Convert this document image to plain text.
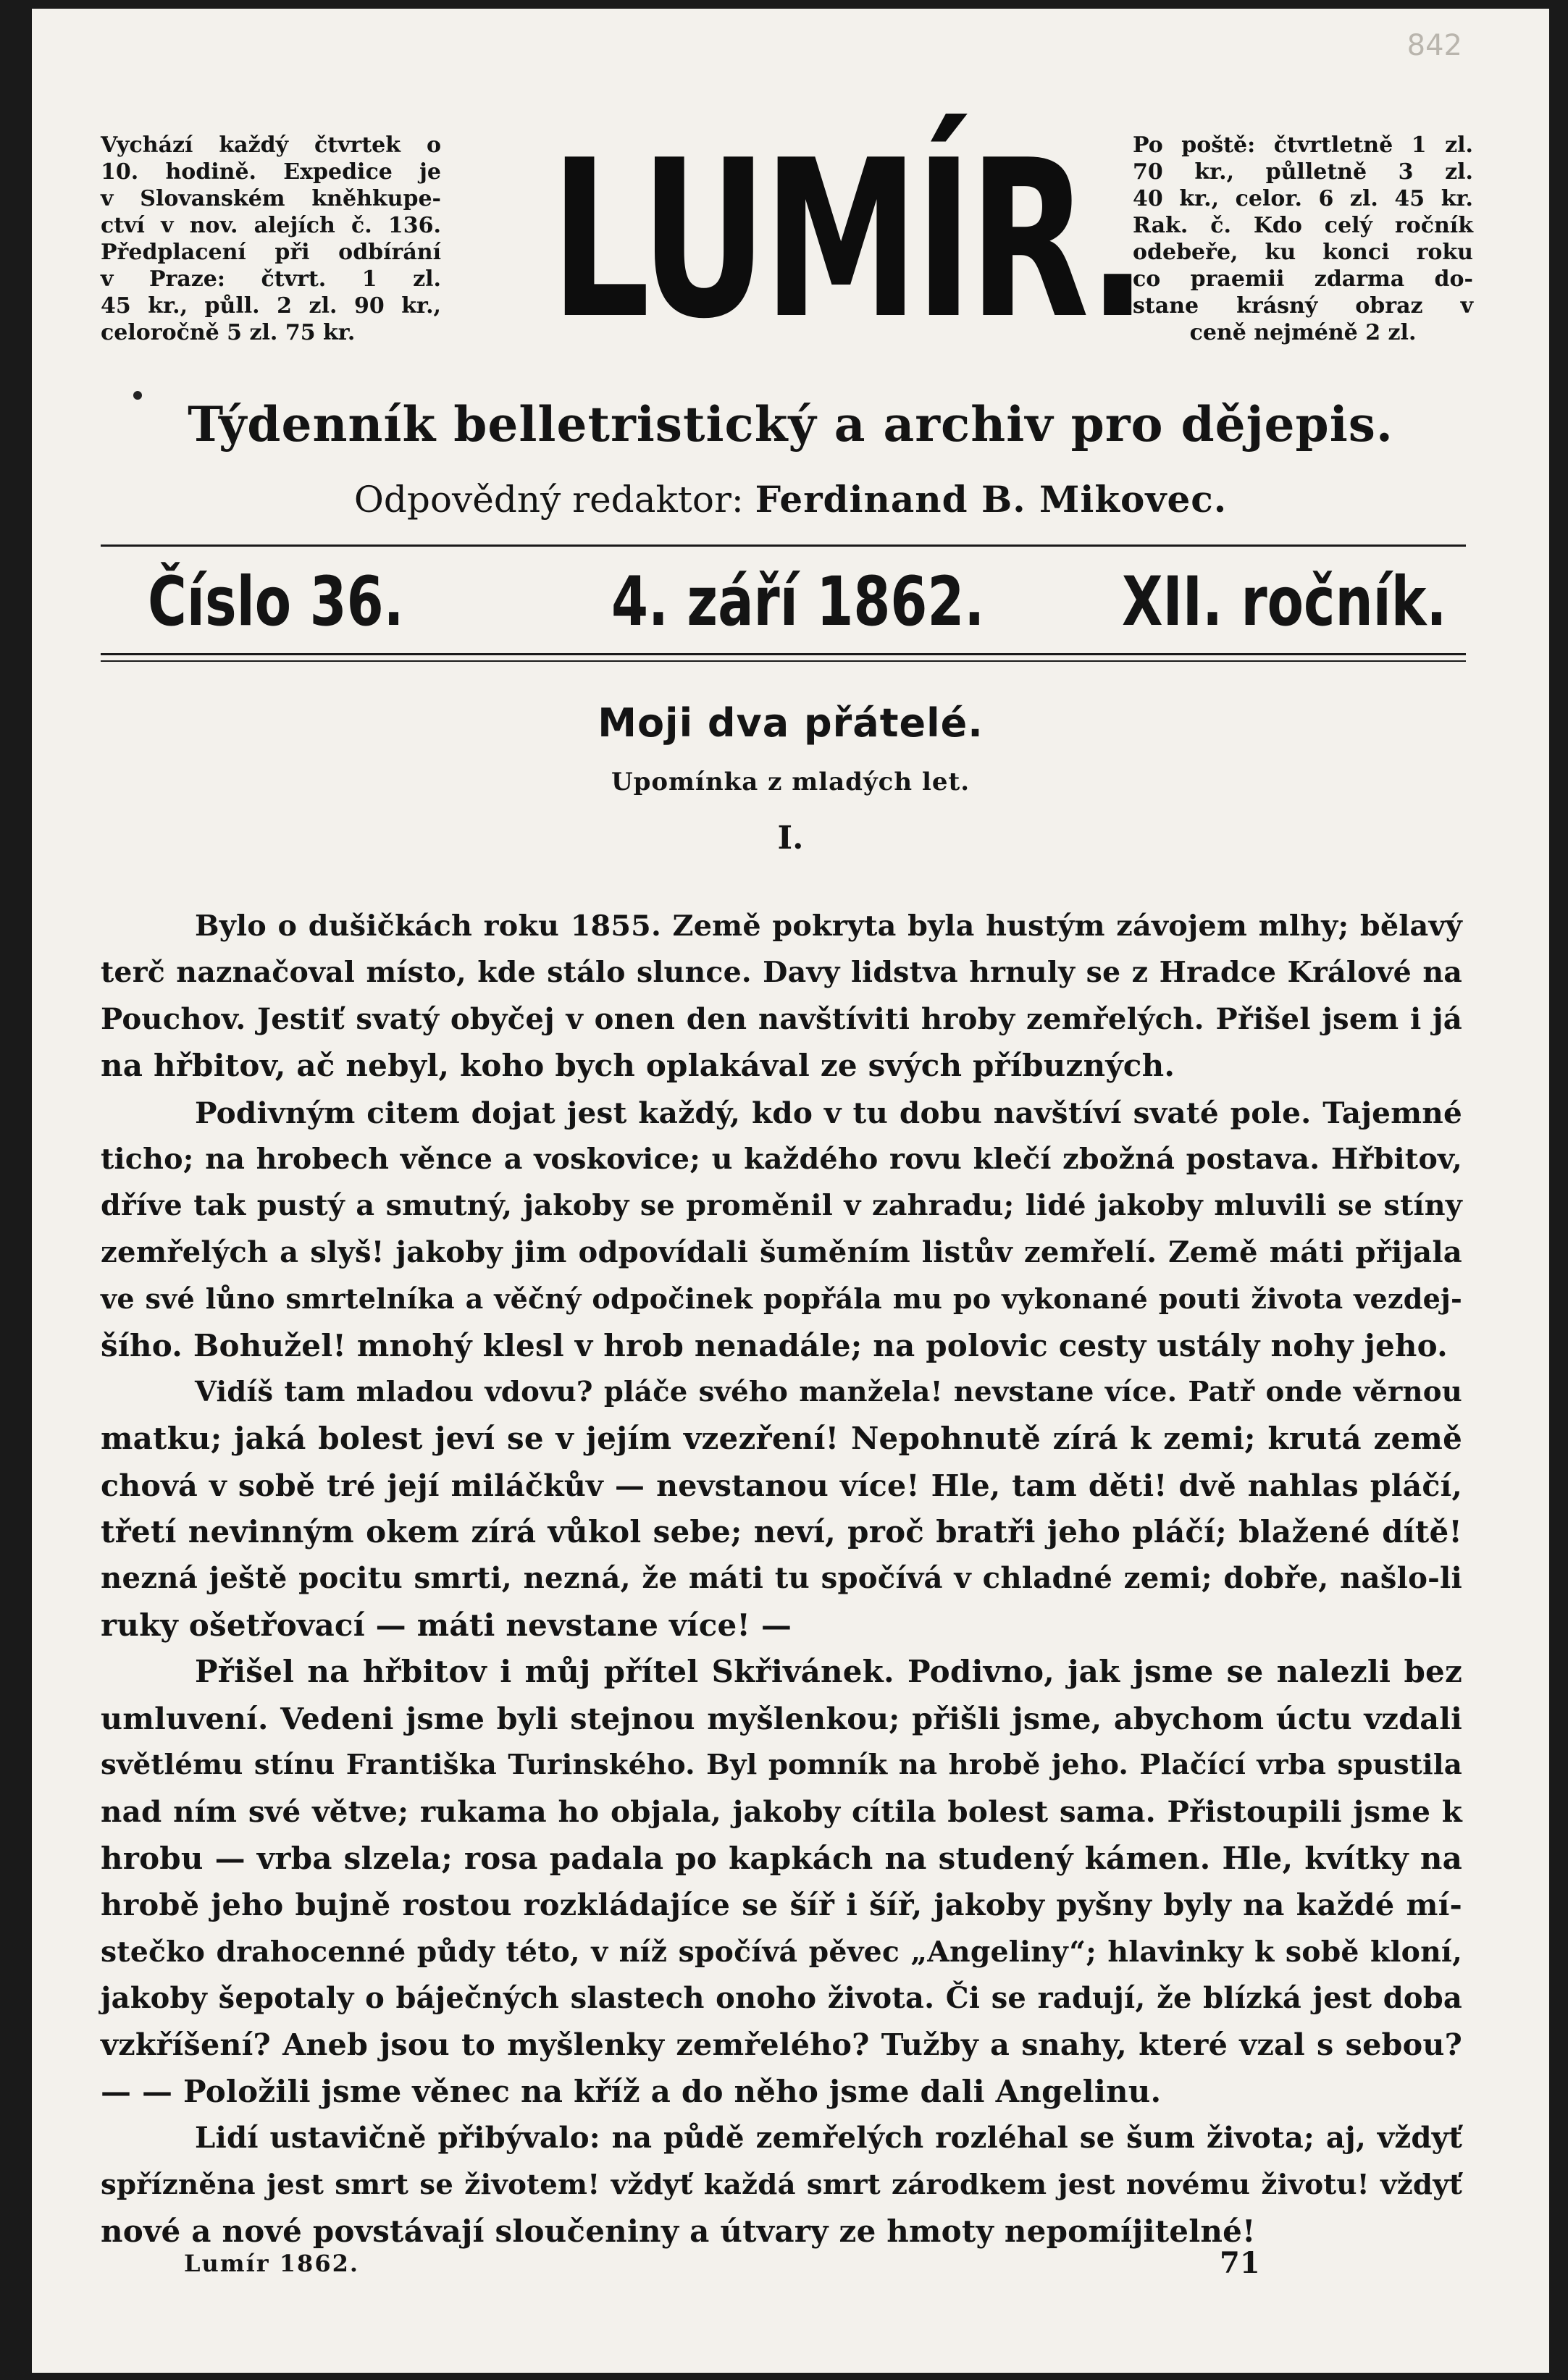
842
Vychází každý čtvrtek o
10. hodině. Expedice je
v Slovanském kněhkupe-
ctví v nov. alejích č. 136.
Předplacení při odbírání
v Praze: čtvrt. 1 zl.
45 kr., půll. 2 zl. 90 kr.,
celoročně 5 zl. 75 kr. LUMÍR.
Po poště: čtvrtletně 1 zl.
70 kr., půlletně 3 zl.
40 kr., celor. 6 zl. 45 kr.
Rak. č. Kdo celý ročník
odebeře, ku konci roku
co praemii zdarma do-
stane krásný obraz v
ceně nejméně 2 zl.
Týdenník belletristický a archiv pro dějepis.
Odpovědný redaktor: Ferdinand B. Mikovec.
Číslo 36.	4. září 1862. XII. ročník.
Moji dva přátelé.
Upomínka z mladých let.
I.
Bylo o dušičkách roku 1855. Země pokryta byla hustým závojem mlhy; bělavý
terč naznačoval místo, kde stálo slunce. Davy lidstva hrnuly se z Hradce Králové na
Pouchov. Jestiť svatý obyčej v onen den navštíviti hroby zemřelých. Přišel jsem i já
na hřbitov, ač nebyl, koho bych oplakával ze svých příbuzných.
Podivným citem dojat jest každý, kdo v tu dobu navštíví svaté pole. Tajemné
ticho; na hrobech věnce a voskovice; u každého rovu klečí zbožná postava. Hřbitov,
dříve tak pustý a smutný, jakoby se proměnil v zahradu; lidé jakoby mluvili se stíny
zemřelých a slyš! jakoby jim odpovídali šuměním listův zemřelí. Země máti přijala
ve své lůno smrtelníka a věčný odpočinek popřála mu po vykonané pouti života vezdej-
šího. Bohužel! mnohý klesl v hrob nenadále; na polovic cesty ustály nohy jeho.
Vidíš tam mladou vdovu? pláče svého manžela! nevstane více. Patř onde věrnou
matku; jaká bolest jeví se v jejím vzezření! Nepohnutě zírá k zemi; krutá země
chová v sobě tré její miláčkův — nevstanou více! Hle, tam děti! dvě nahlas pláčí,
třetí nevinným okem zírá vůkol sebe; neví, proč bratři jeho pláčí; blažené dítě!
nezná ještě pocitu smrti, nezná, že máti tu spočívá v chladné zemi; dobře, našlo-li
ruky ošetřovací — máti nevstane více! —
Přišel na hřbitov i můj přítel Skřivánek. Podivno, jak jsme se nalezli bez
umluvení. Vedeni jsme byli stejnou myšlenkou; přišli jsme, abychom úctu vzdali
světlému stínu Františka Turinského. Byl pomník na hrobě jeho. Plačící vrba spustila
nad ním své větve; rukama ho objala, jakoby cítila bolest sama. Přistoupili jsme k
hrobu — vrba slzela; rosa padala po kapkách na studený kámen. Hle, kvítky na
hrobě jeho bujně rostou rozkládajíce se šíř i šíř, jakoby pyšny byly na každé mí-
stečko drahocenné půdy této, v níž spočívá pěvec „Angeliny“; hlavinky k sobě kloní,
jakoby šepotaly o báječných slastech onoho života. Či se radují, že blízká jest doba
vzkříšení? Aneb jsou to myšlenky zemřelého? Tužby a snahy, které vzal s sebou?
— — Položili jsme věnec na kříž a do něho jsme dali Angelinu.
Lidí ustavičně přibývalo: na půdě zemřelých rozléhal se šum života; aj, vždyť
spřízněna jest smrt se životem! vždyť každá smrt zárodkem jest novému životu! vždyť
nové a nové povstávají sloučeniny a útvary ze hmoty nepomíjitelné!
Lumír 1862.	71
